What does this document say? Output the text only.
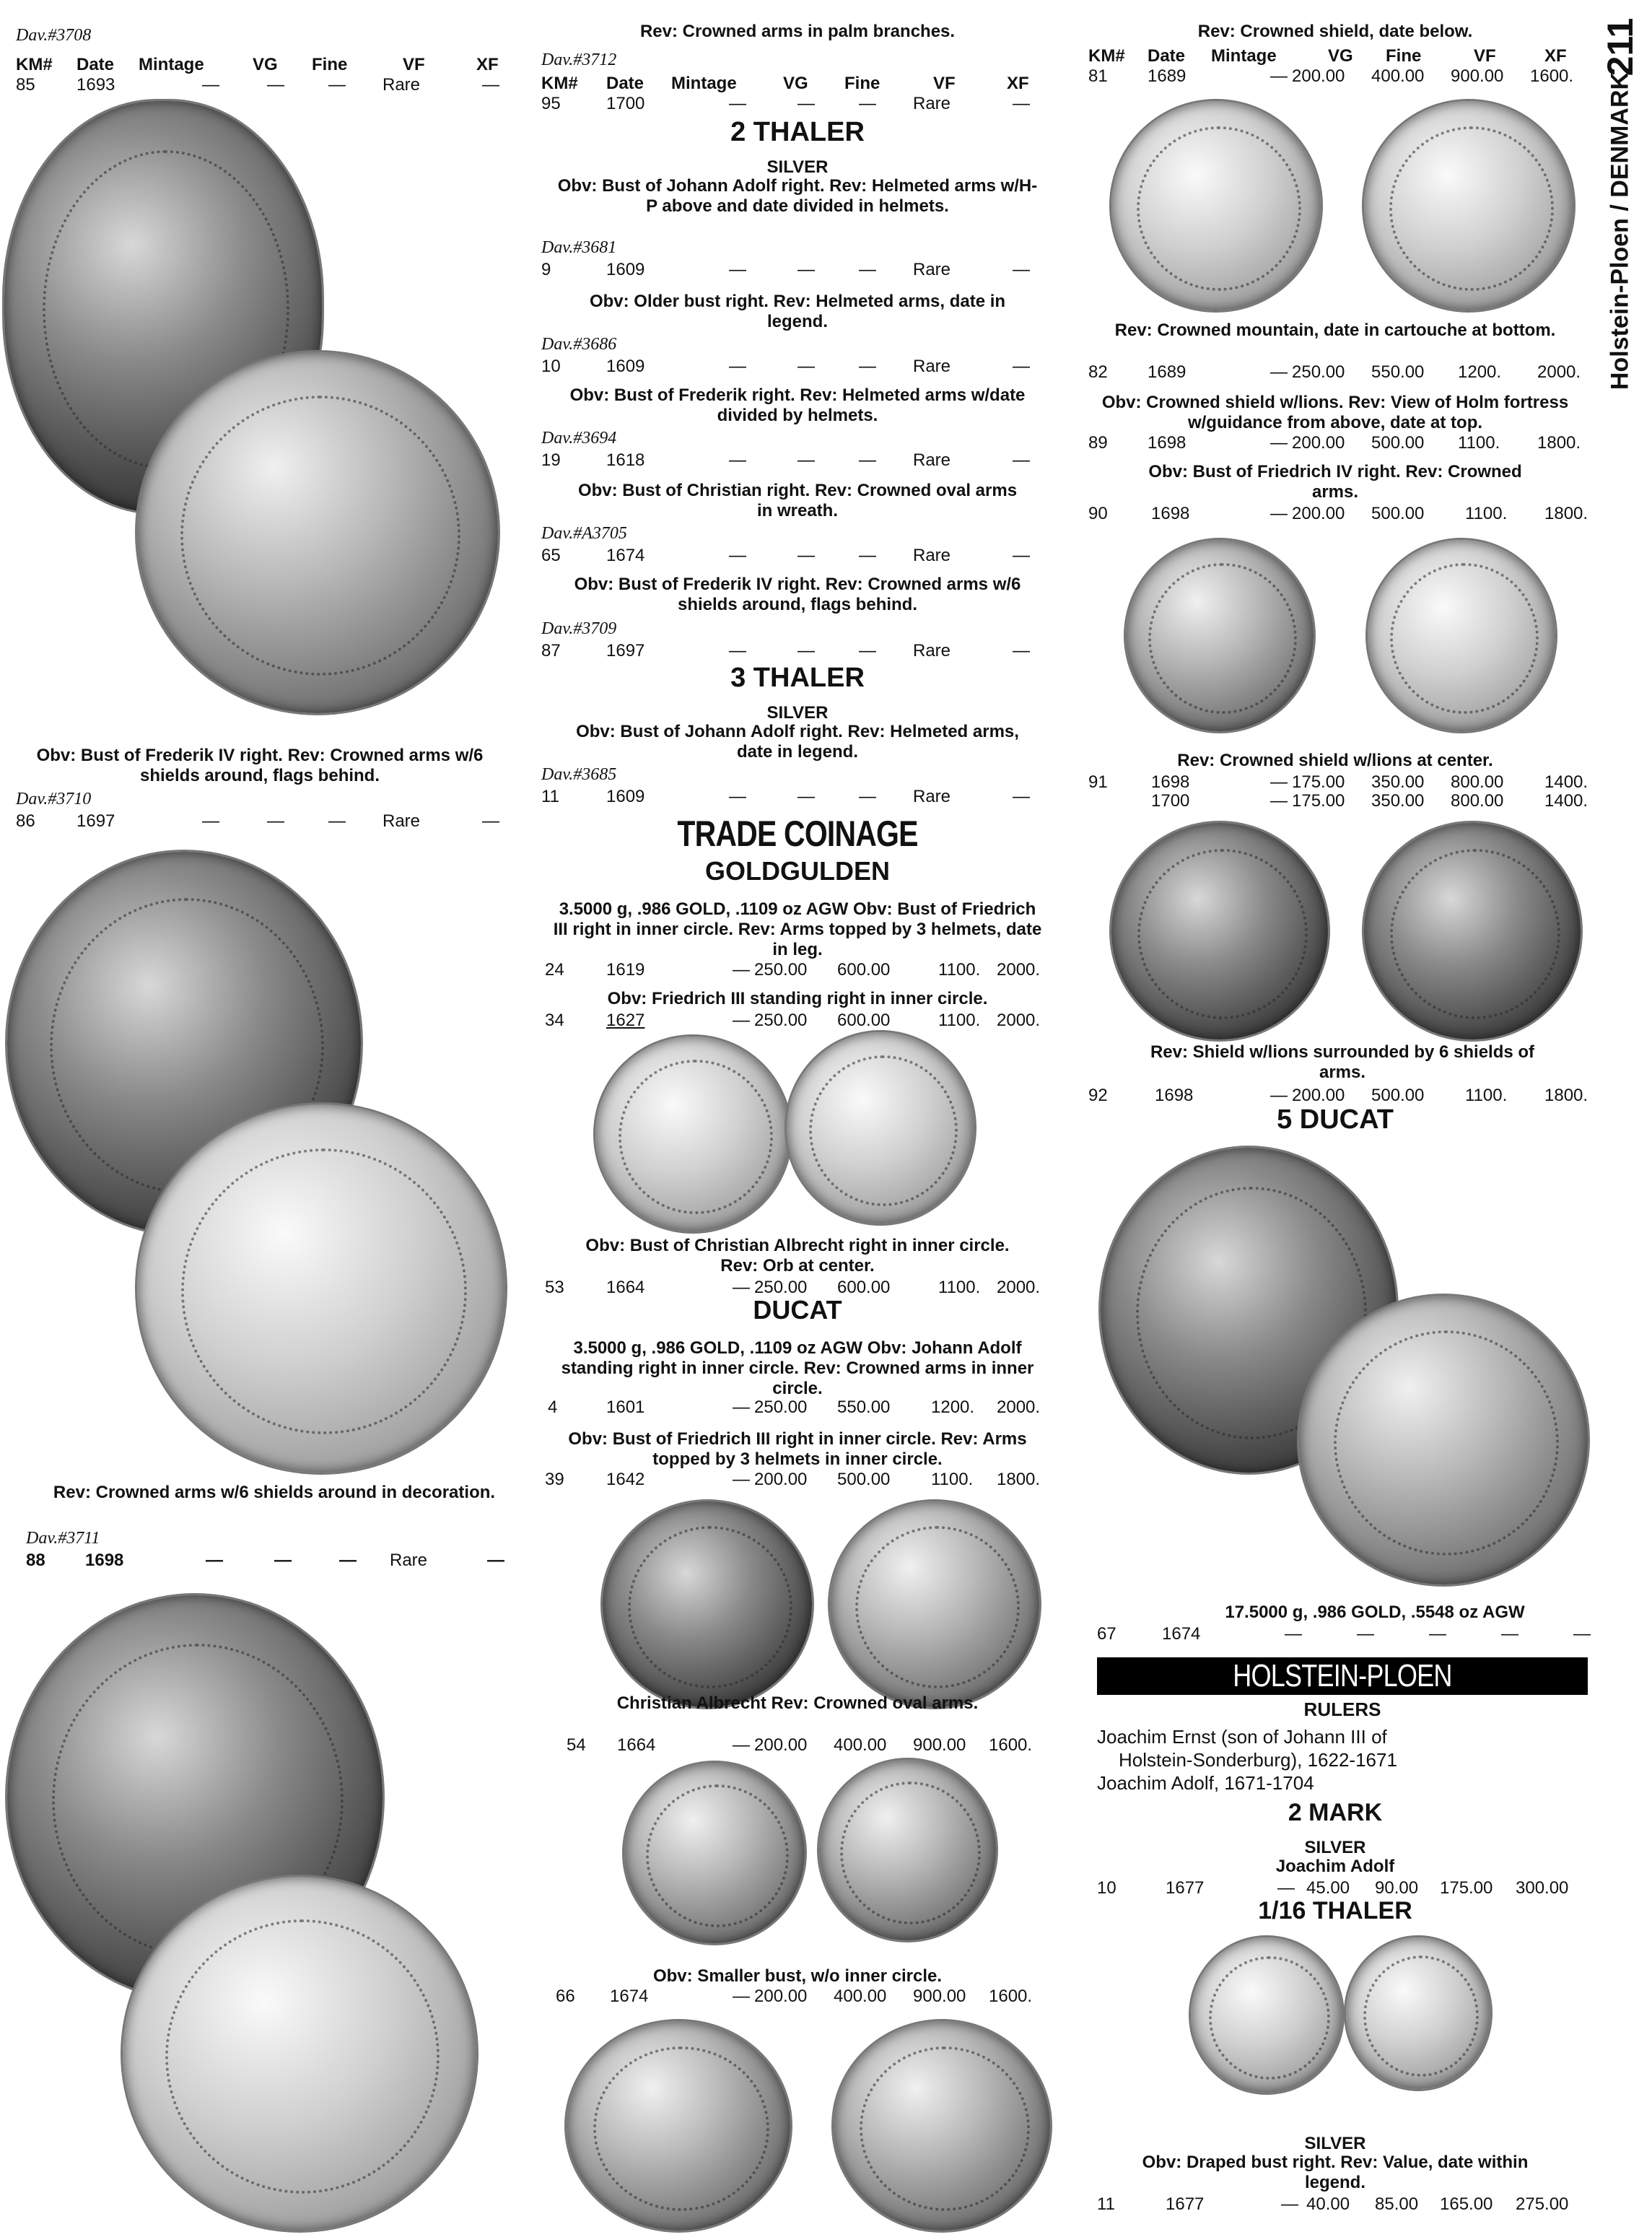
211
Holstein-Ploen / DENMARK
Dav.#3708
KM# Date Mintage	VG Fine	VF	XF
85 1693	—	—	— Rare	—
Obv: Bust of Frederik IV right. Rev: Crowned arms w/6 shields around, flags behind.
Dav.#3710
86 1697	—	—	— Rare	—
Rev: Crowned arms w/6 shields around in decoration.
Dav.#3711
88 1698	—	—	— Rare	—
Rev: Crowned arms in palm branches.
Dav.#3712
KM# Date Mintage	VG Fine	VF	XF
95	1700	—	—	— Rare	—
2 THALER
SILVER
Obv: Bust of Johann Adolf right. Rev: Helmeted arms w/H-P above and date divided in helmets.
Dav.#3681
9	1609	—	—	— Rare	—
Obv: Older bust right. Rev: Helmeted arms, date in legend.
Dav.#3686
10	1609	—	—	— Rare	—
Obv: Bust of Frederik right. Rev: Helmeted arms w/date divided by helmets.
Dav.#3694
19	1618	—	—	— Rare	—
Obv: Bust of Christian right. Rev: Crowned oval arms in wreath.
Dav.#A3705
65	1674	—	—	— Rare	—
Obv: Bust of Frederik IV right. Rev: Crowned arms w/6 shields around, flags behind.
Dav.#3709
87	1697	—	—	— Rare	—
3 THALER
SILVER
Obv: Bust of Johann Adolf right. Rev: Helmeted arms, date in legend.
Dav.#3685
11	1609	—	—	— Rare	—
TRADE COINAGE
GOLDGULDEN
3.5000 g, .986 GOLD, .1109 oz AGW Obv: Bust of Friedrich III right in inner circle. Rev: Arms topped by 3 helmets, date in leg.
24 1619	— 250.00 600.00	1100. 2000.
Obv: Friedrich III standing right in inner circle.
34 1627	— 250.00 600.00	1100. 2000.
Obv: Bust of Christian Albrecht right in inner circle. Rev: Orb at center.
53 1664	— 250.00 600.00	1100. 2000.
DUCAT
3.5000 g, .986 GOLD, .1109 oz AGW Obv: Johann Adolf standing right in inner circle. Rev: Crowned arms in inner circle.
4	1601	— 250.00 550.00 1200. 2000.
Obv: Bust of Friedrich III right in inner circle. Rev: Arms topped by 3 helmets in inner circle.
39 1642	— 200.00 500.00 1100. 1800.
Christian Albrecht Rev: Crowned oval arms.
54 1664	— 200.00 400.00 900.00 1600.
Obv: Smaller bust, w/o inner circle.
66 1674	— 200.00 400.00 900.00 1600.
Rev: Crowned shield, date below.
KM# Date Mintage	VG Fine	VF	XF
81 1689	— 200.00 400.00 900.00 1600.
Rev: Crowned mountain, date in cartouche at bottom.
82 1689	— 250.00 550.00 1200. 2000.
Obv: Crowned shield w/lions. Rev: View of Holm fortress w/guidance from above, date at top.
89 1698	— 200.00 500.00 1100. 1800.
Obv: Bust of Friedrich IV right. Rev: Crowned arms.
90	1698	— 200.00 500.00 1100. 1800.
Rev: Crowned shield w/lions at center.
91	1698	— 175.00 350.00 800.00 1400.
1700	— 175.00 350.00 800.00 1400.
Rev: Shield w/lions surrounded by 6 shields of arms.
92	1698	— 200.00 500.00 1100. 1800.
5 DUCAT
17.5000 g, .986 GOLD, .5548 oz AGW
67	1674	—	—	—	—	—
HOLSTEIN-PLOEN
RULERS
Joachim Ernst (son of Johann III of
Holstein-Sonderburg), 1622-1671
Joachim Adolf, 1671-1704
2 MARK
SILVER
Joachim Adolf
10	1677	— 45.00 90.00 175.00 300.00
1/16 THALER
SILVER
Obv: Draped bust right. Rev: Value, date within legend.
11	1677	— 40.00 85.00 165.00 275.00
